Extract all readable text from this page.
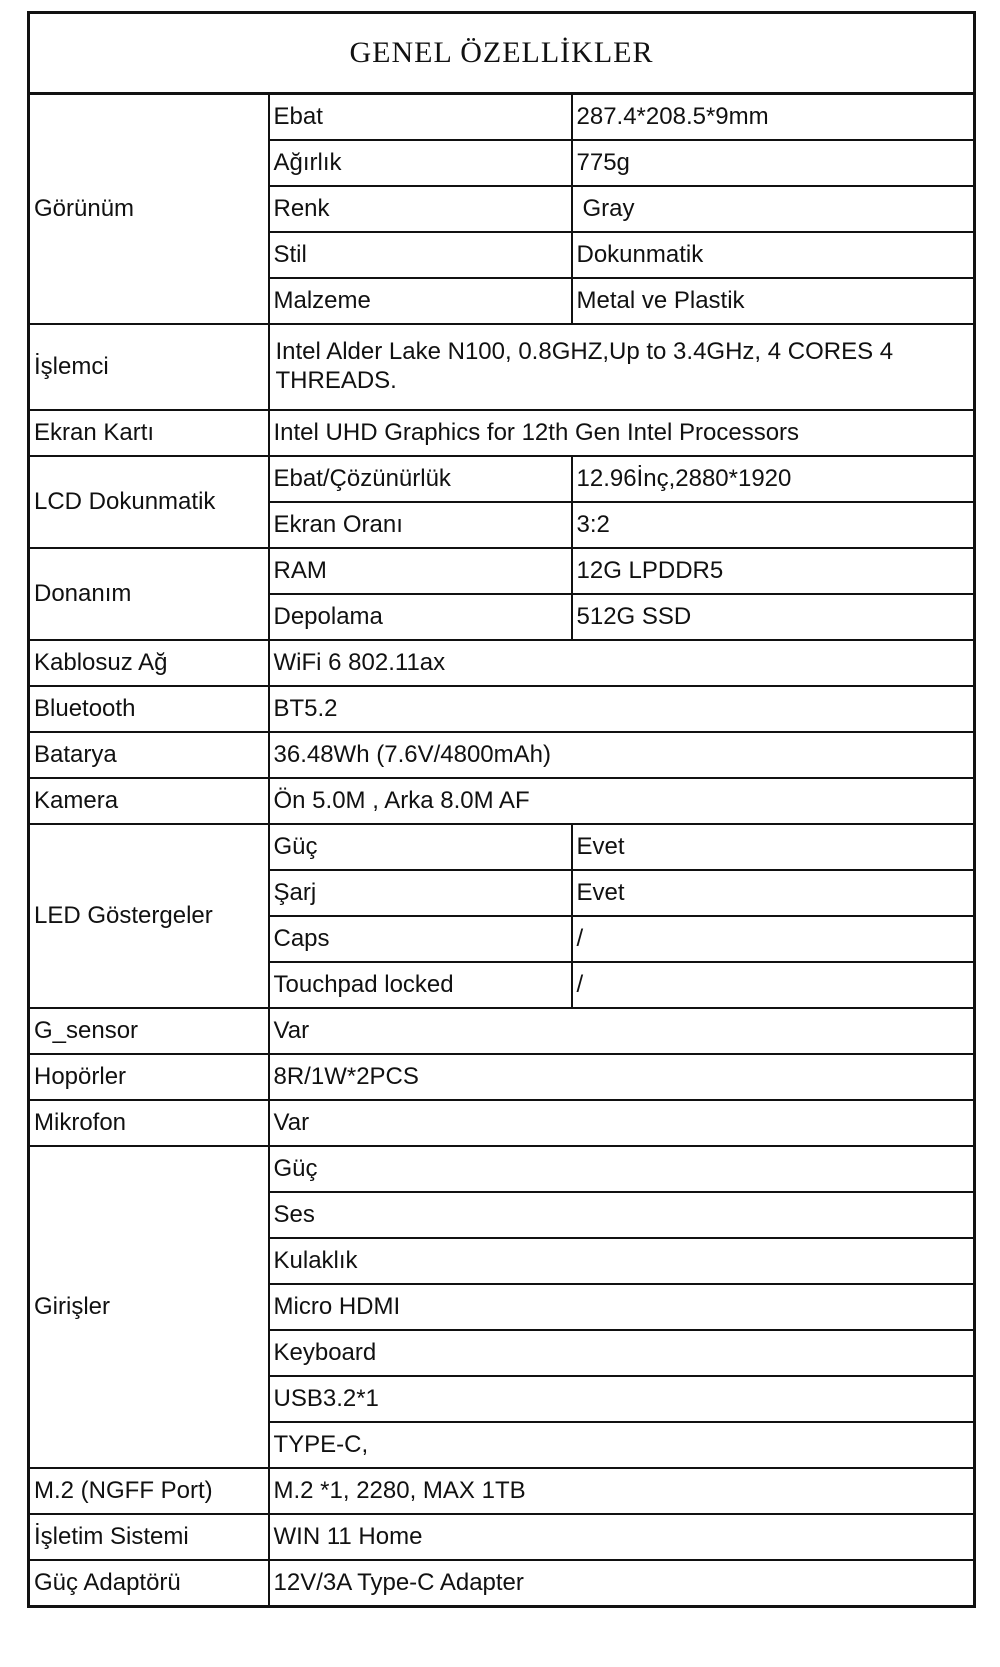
GENEL ÖZELLİKLER		
Görünüm	Ebat	287.4*208.5*9mm
	Ağırlık	775g
	Renk	Gray
	Stil	Dokunmatik
	Malzeme	Metal ve Plastik
İşlemci	Intel Alder Lake N100, 0.8GHZ,Up to 3.4GHz, 4 CORES 4 THREADS.	
Ekran Kartı	Intel UHD Graphics for 12th Gen Intel Processors	
LCD Dokunmatik	Ebat/Çözünürlük	12.96İnç,2880*1920
	Ekran Oranı	3:2
Donanım	RAM	12G LPDDR5
	Depolama	512G SSD
Kablosuz Ağ	WiFi 6 802.11ax	
Bluetooth	BT5.2	
Batarya	36.48Wh (7.6V/4800mAh)	
Kamera	Ön 5.0M , Arka 8.0M AF	
LED Göstergeler	Güç	Evet
	Şarj	Evet
	Caps	/
	Touchpad locked	/
G_sensor	Var	
Hopörler	8R/1W*2PCS	
Mikrofon	Var	
Girişler	Güç	
	Ses	
	Kulaklık	
	Micro HDMI	
	Keyboard	
	USB3.2*1	
	TYPE-C,	
M.2 (NGFF Port)	M.2 *1, 2280, MAX 1TB	
İşletim Sistemi	WIN 11 Home	
Güç Adaptörü	12V/3A Type-C Adapter	
